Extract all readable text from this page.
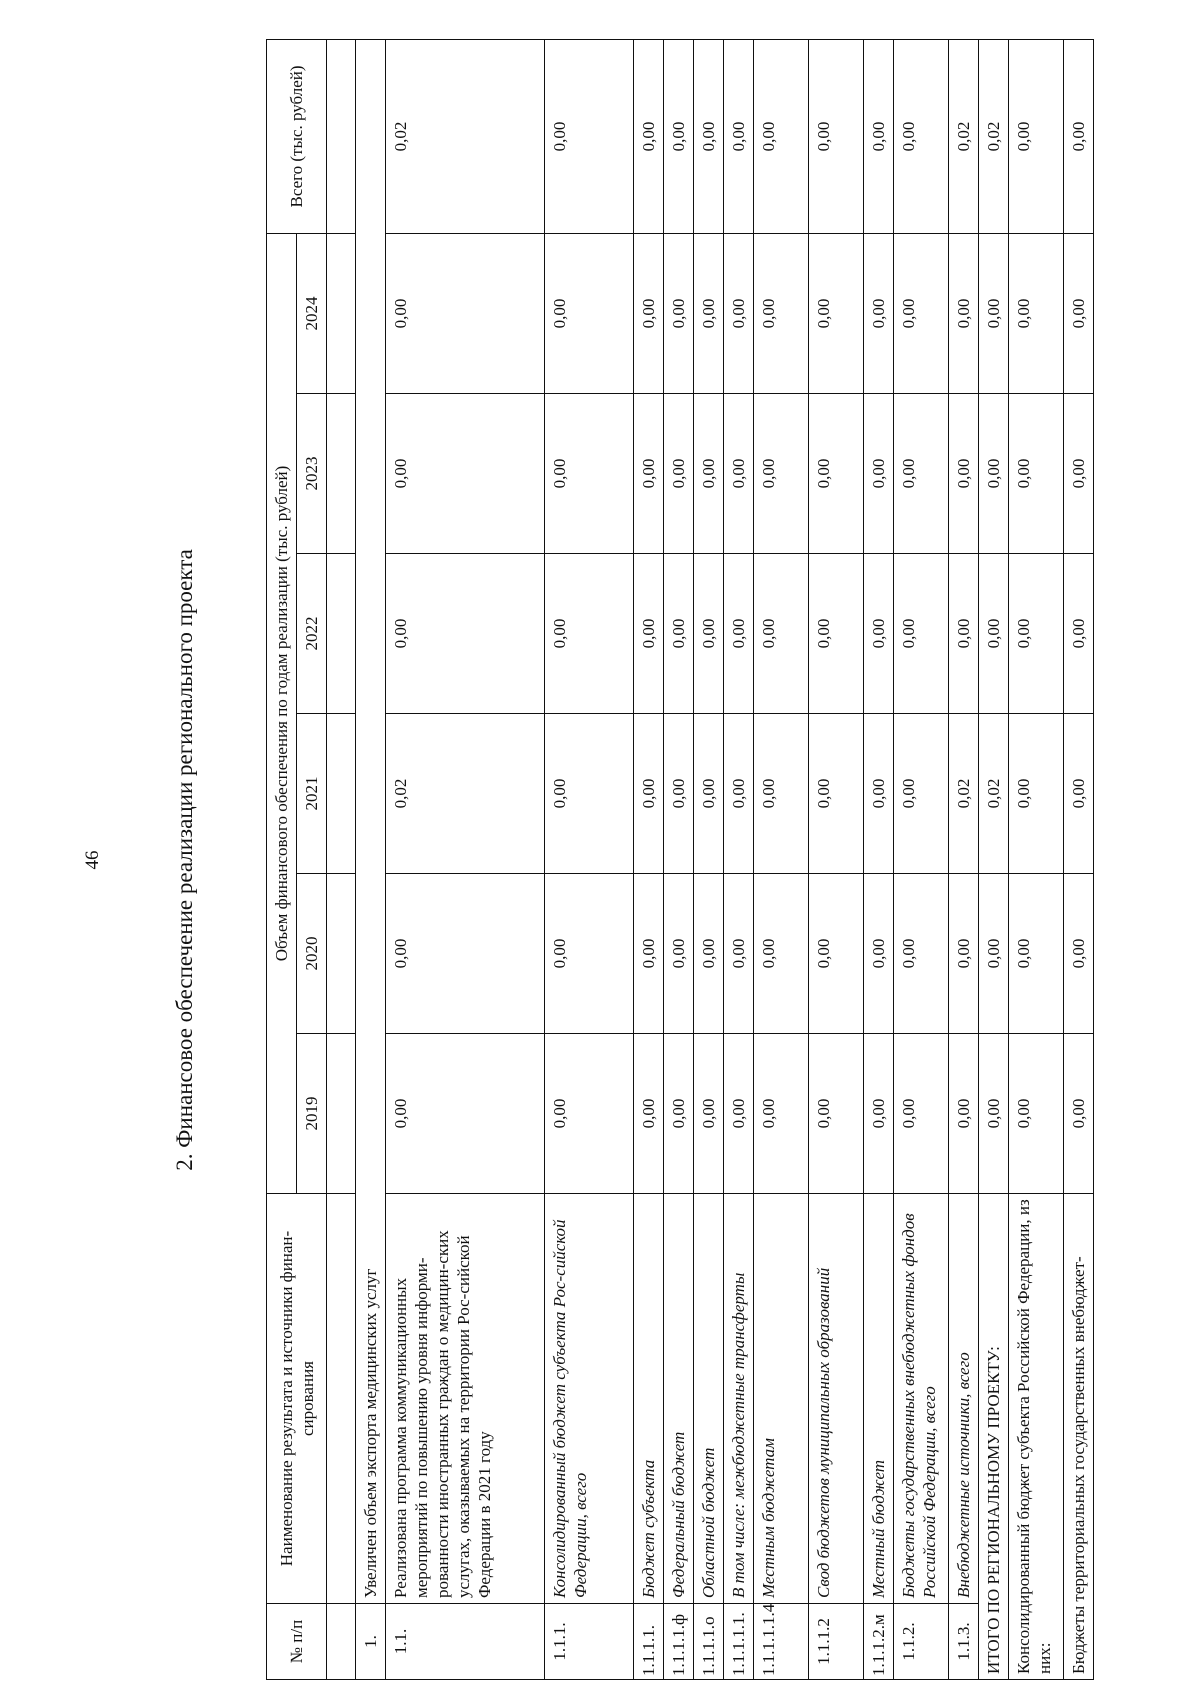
46	2. Финансовое обеспечение реализации регионального проекта
№ п/п	Наименование результата и источники финан-сирования	Объем финансового обеспечения по годам реализации (тыс. рублей)						Всего (тыс. рублей)
		2019	2020	2021	2022	2023	2024	

1.	Увеличен объем экспорта медицинских услуг							
1.1.	Реализована программа коммуникационных мероприятий по повышению уровня информи-рованности иностранных граждан о медицин-ских услугах, оказываемых на территории Рос-сийской Федерации в 2021 году	0,00	0,00	0,02	0,00	0,00	0,00	0,02
1.1.1.	Консолидированный бюджет субъекта Рос-сийской Федерации, всего	0,00	0,00	0,00	0,00	0,00	0,00	0,00
1.1.1.1.	Бюджет субъекта	0,00	0,00	0,00	0,00	0,00	0,00	0,00
1.1.1.1.ф	Федеральный бюджет	0,00	0,00	0,00	0,00	0,00	0,00	0,00
1.1.1.1.о	Областной бюджет	0,00	0,00	0,00	0,00	0,00	0,00	0,00
1.1.1.1.1.	В том числе: межбюджетные трансферты	0,00	0,00	0,00	0,00	0,00	0,00	0,00
1.1.1.1.1.4	Местным бюджетам	0,00	0,00	0,00	0,00	0,00	0,00	0,00
1.1.1.2	Свод бюджетов муниципальных образований	0,00	0,00	0,00	0,00	0,00	0,00	0,00
1.1.1.2.м	Местный бюджет	0,00	0,00	0,00	0,00	0,00	0,00	0,00
1.1.2.	Бюджеты государственных внебюджетных фондов Российской Федерации, всего	0,00	0,00	0,00	0,00	0,00	0,00	0,00
1.1.3.	Внебюджетные источники, всего	0,00	0,00	0,02	0,00	0,00	0,00	0,02
ИТОГО ПО РЕГИОНАЛЬНОМУ ПРОЕКТУ:		0,00	0,00	0,02	0,00	0,00	0,00	0,02
Консолидированный бюджет субъекта Российской Федерации, из них:		0,00	0,00	0,00	0,00	0,00	0,00	0,00
Бюджеты территориальных государственных внебюджет-		0,00	0,00	0,00	0,00	0,00	0,00	0,00
